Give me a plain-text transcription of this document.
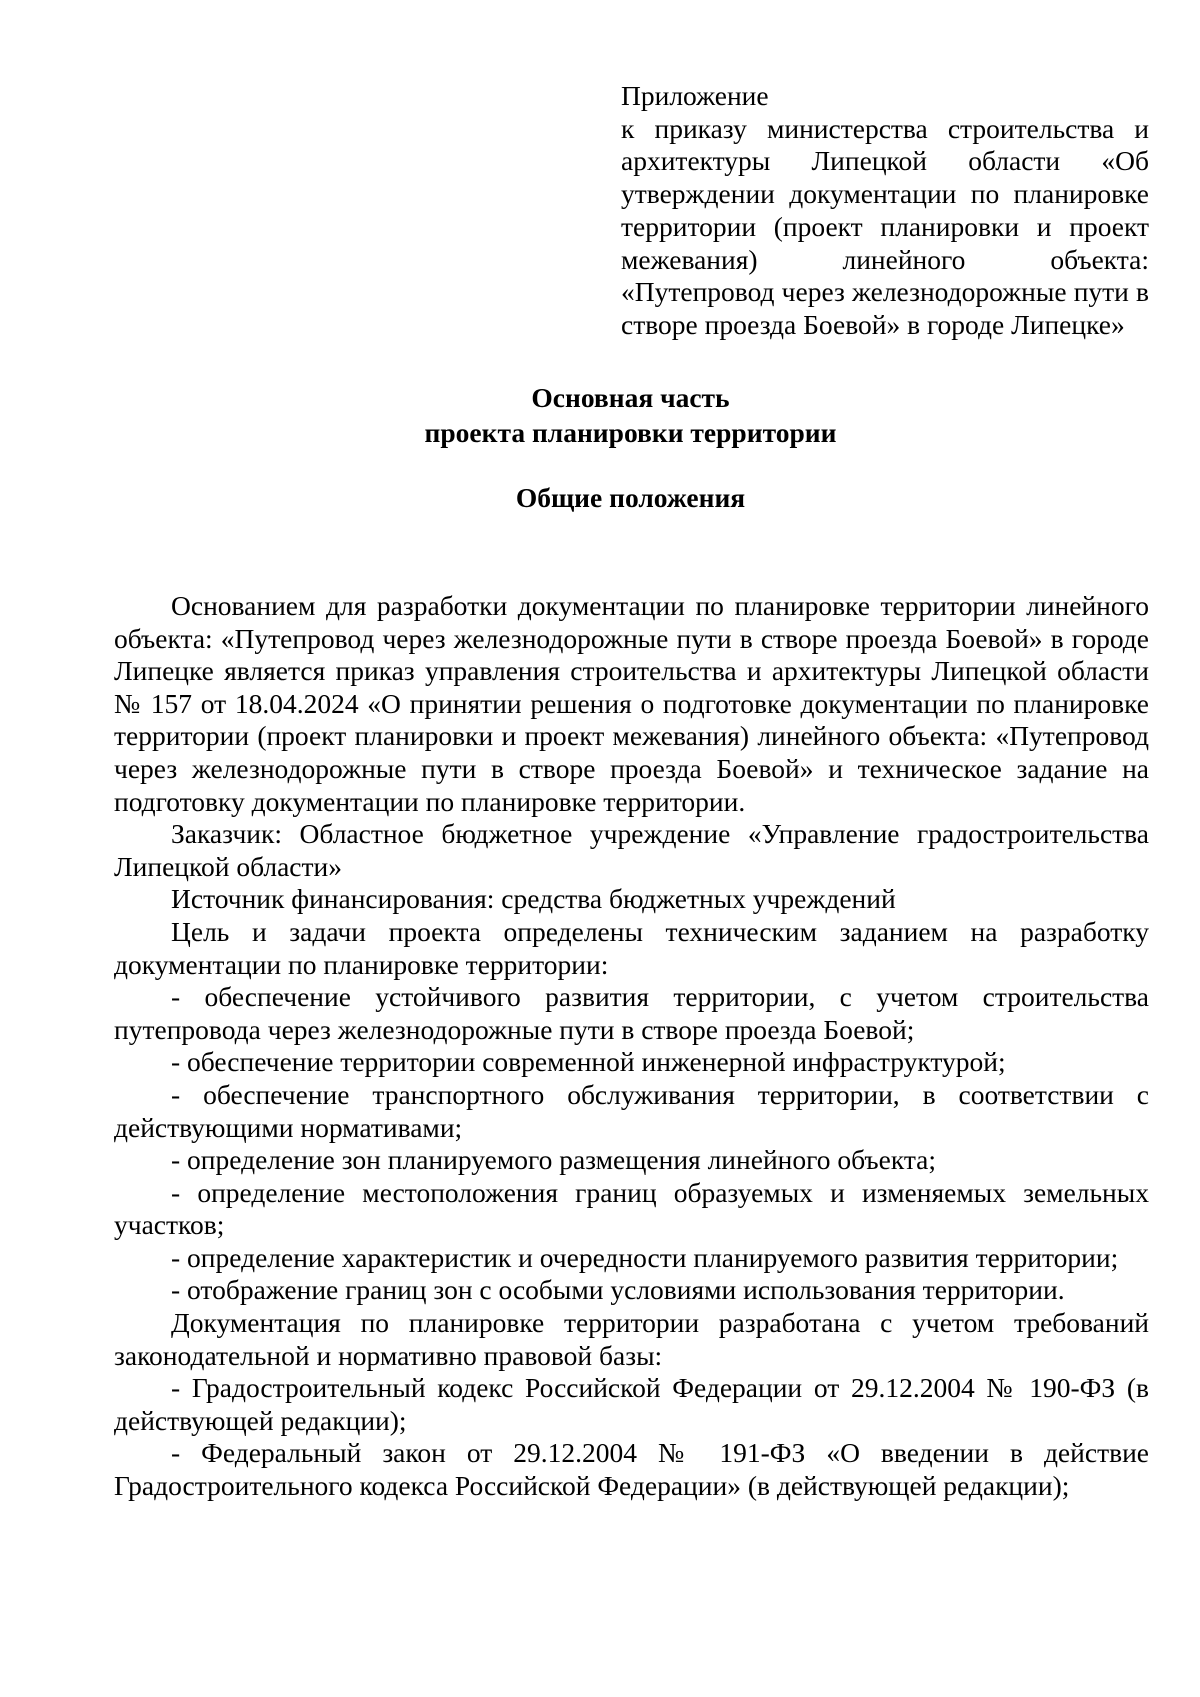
Приложение

к приказу министерства строительства и архитектуры Липецкой области «Об утверждении документации по планировке территории (проект планировки и проект межевания) линейного объекта: «Путепровод через железнодорожные пути в створе проезда Боевой» в городе Липецке»

Основная часть

проекта планировки территории

Общие положения

Основанием для разработки документации по планировке территории линейного объекта: «Путепровод через железнодорожные пути в створе проезда Боевой» в городе Липецке является приказ управления строительства и архитектуры Липецкой области № 157 от 18.04.2024 «О принятии решения о подготовке документации по планировке территории (проект планировки и проект межевания) линейного объекта: «Путепровод через железнодорожные пути в створе проезда Боевой» и техническое задание на подготовку документации по планировке территории.

Заказчик: Областное бюджетное учреждение «Управление градостроительства Липецкой области»

Источник финансирования: средства бюджетных учреждений

Цель и задачи проекта определены техническим заданием на разработку документации по планировке территории:

- обеспечение устойчивого развития территории, с учетом строительства путепровода через железнодорожные пути в створе проезда Боевой;

- обеспечение территории современной инженерной инфраструктурой;

- обеспечение транспортного обслуживания территории, в соответствии с действующими нормативами;

- определение зон планируемого размещения линейного объекта;

- определение местоположения границ образуемых и изменяемых земельных участков;

- определение характеристик и очередности планируемого развития территории;

- отображение границ зон с особыми условиями использования территории.

Документация по планировке территории разработана с учетом требований законодательной и нормативно правовой базы:

- Градостроительный кодекс Российской Федерации от 29.12.2004 № 190-ФЗ (в действующей редакции);

- Федеральный закон от 29.12.2004 № 191-ФЗ «О введении в действие Градостроительного кодекса Российской Федерации» (в действующей редакции);
